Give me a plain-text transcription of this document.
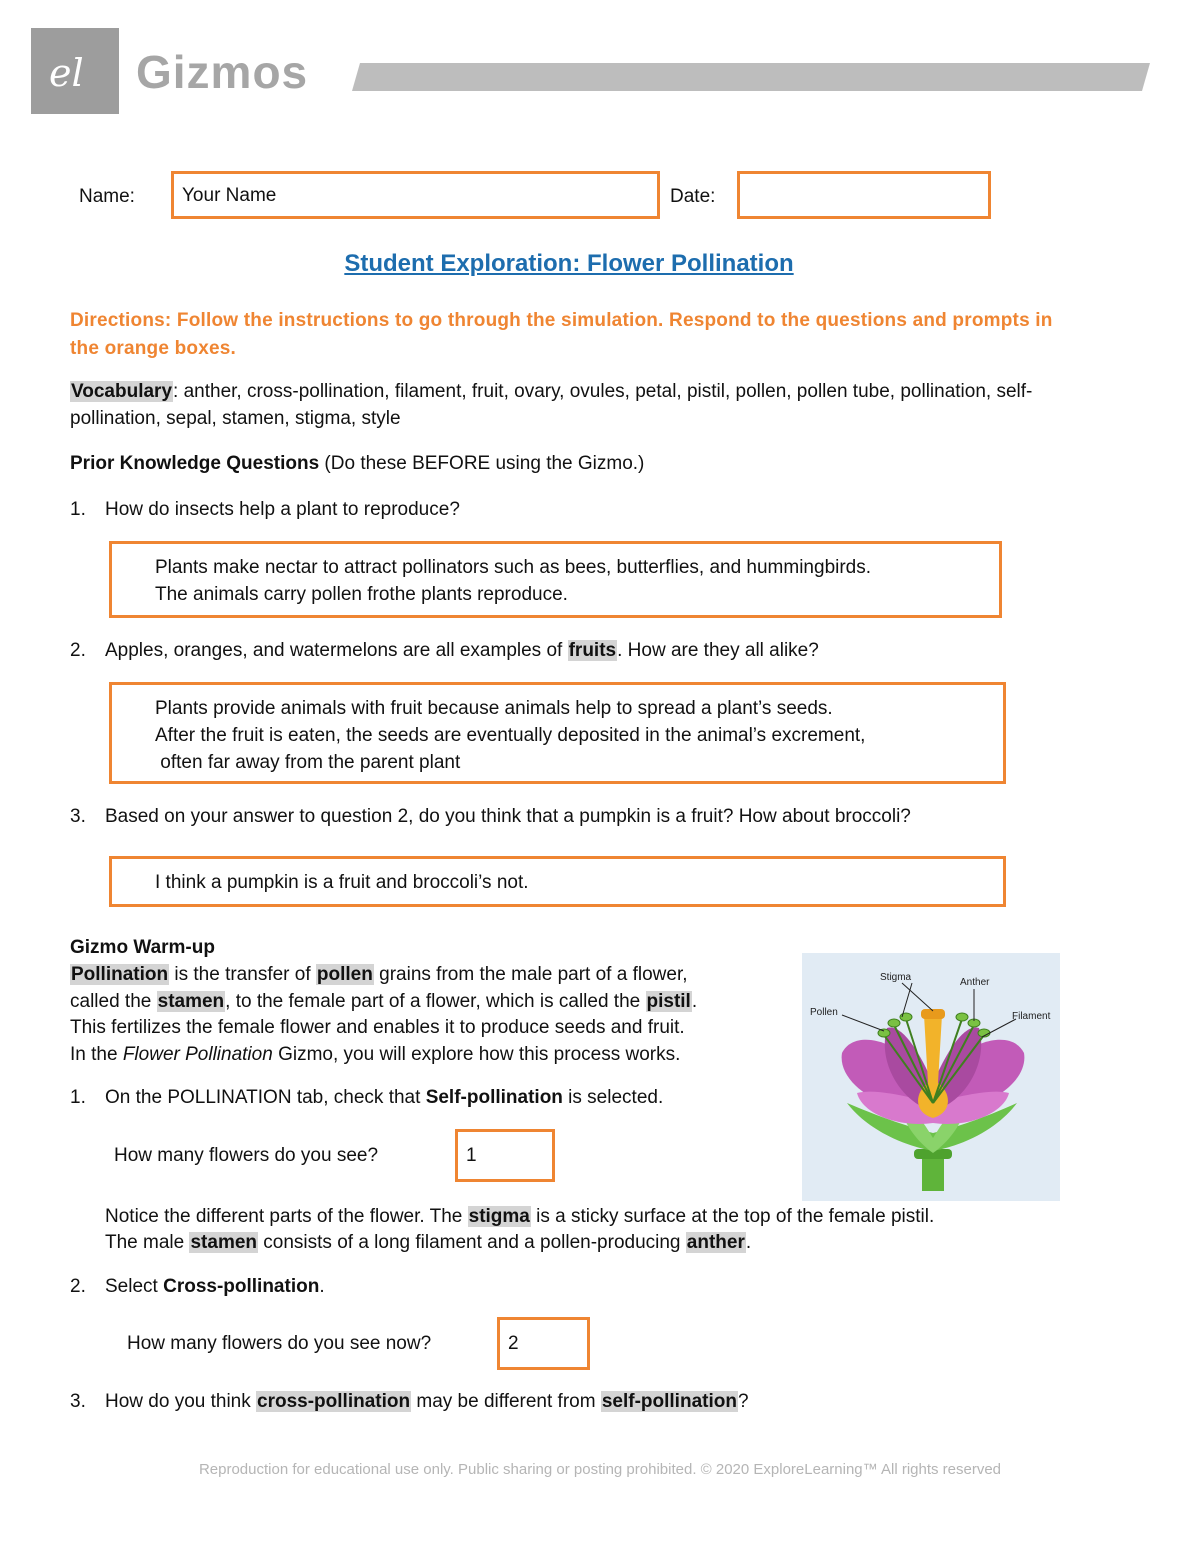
el Gizmos
Name:	Your Name	Date:
Student Exploration: Flower Pollination
Directions: Follow the instructions to go through the simulation. Respond to the questions and prompts in the orange boxes.
Vocabulary: anther, cross-pollination, filament, fruit, ovary, ovules, petal, pistil, pollen, pollen tube, pollination, self-pollination, sepal, stamen, stigma, style
Prior Knowledge Questions (Do these BEFORE using the Gizmo.)
1. How do insects help a plant to reproduce?
Plants make nectar to attract pollinators such as bees, butterflies, and hummingbirds.
The animals carry pollen frothe plants reproduce.
2. Apples, oranges, and watermelons are all examples of fruits. How are they all alike?
Plants provide animals with fruit because animals help to spread a plant’s seeds.
After the fruit is eaten, the seeds are eventually deposited in the animal’s excrement,
often far away from the parent plant
3. Based on your answer to question 2, do you think that a pumpkin is a fruit? How about broccoli?
I think a pumpkin is a fruit and broccoli’s not.
Gizmo Warm-up
Pollination is the transfer of pollen grains from the male part of a flower,
called the stamen, to the female part of a flower, which is called the pistil.
This fertilizes the female flower and enables it to produce seeds and fruit.
In the Flower Pollination Gizmo, you will explore how this process works.
Stigma	Anther
Pollen	Filament
1. On the POLLINATION tab, check that Self-pollination is selected.
How many flowers do you see?	1
Notice the different parts of the flower. The stigma is a sticky surface at the top of the female pistil.
The male stamen consists of a long filament and a pollen-producing anther.
2. Select Cross-pollination.
How many flowers do you see now?	2
3. How do you think cross-pollination may be different from self-pollination?
Reproduction for educational use only. Public sharing or posting prohibited. © 2020 ExploreLearning™ All rights reserved
